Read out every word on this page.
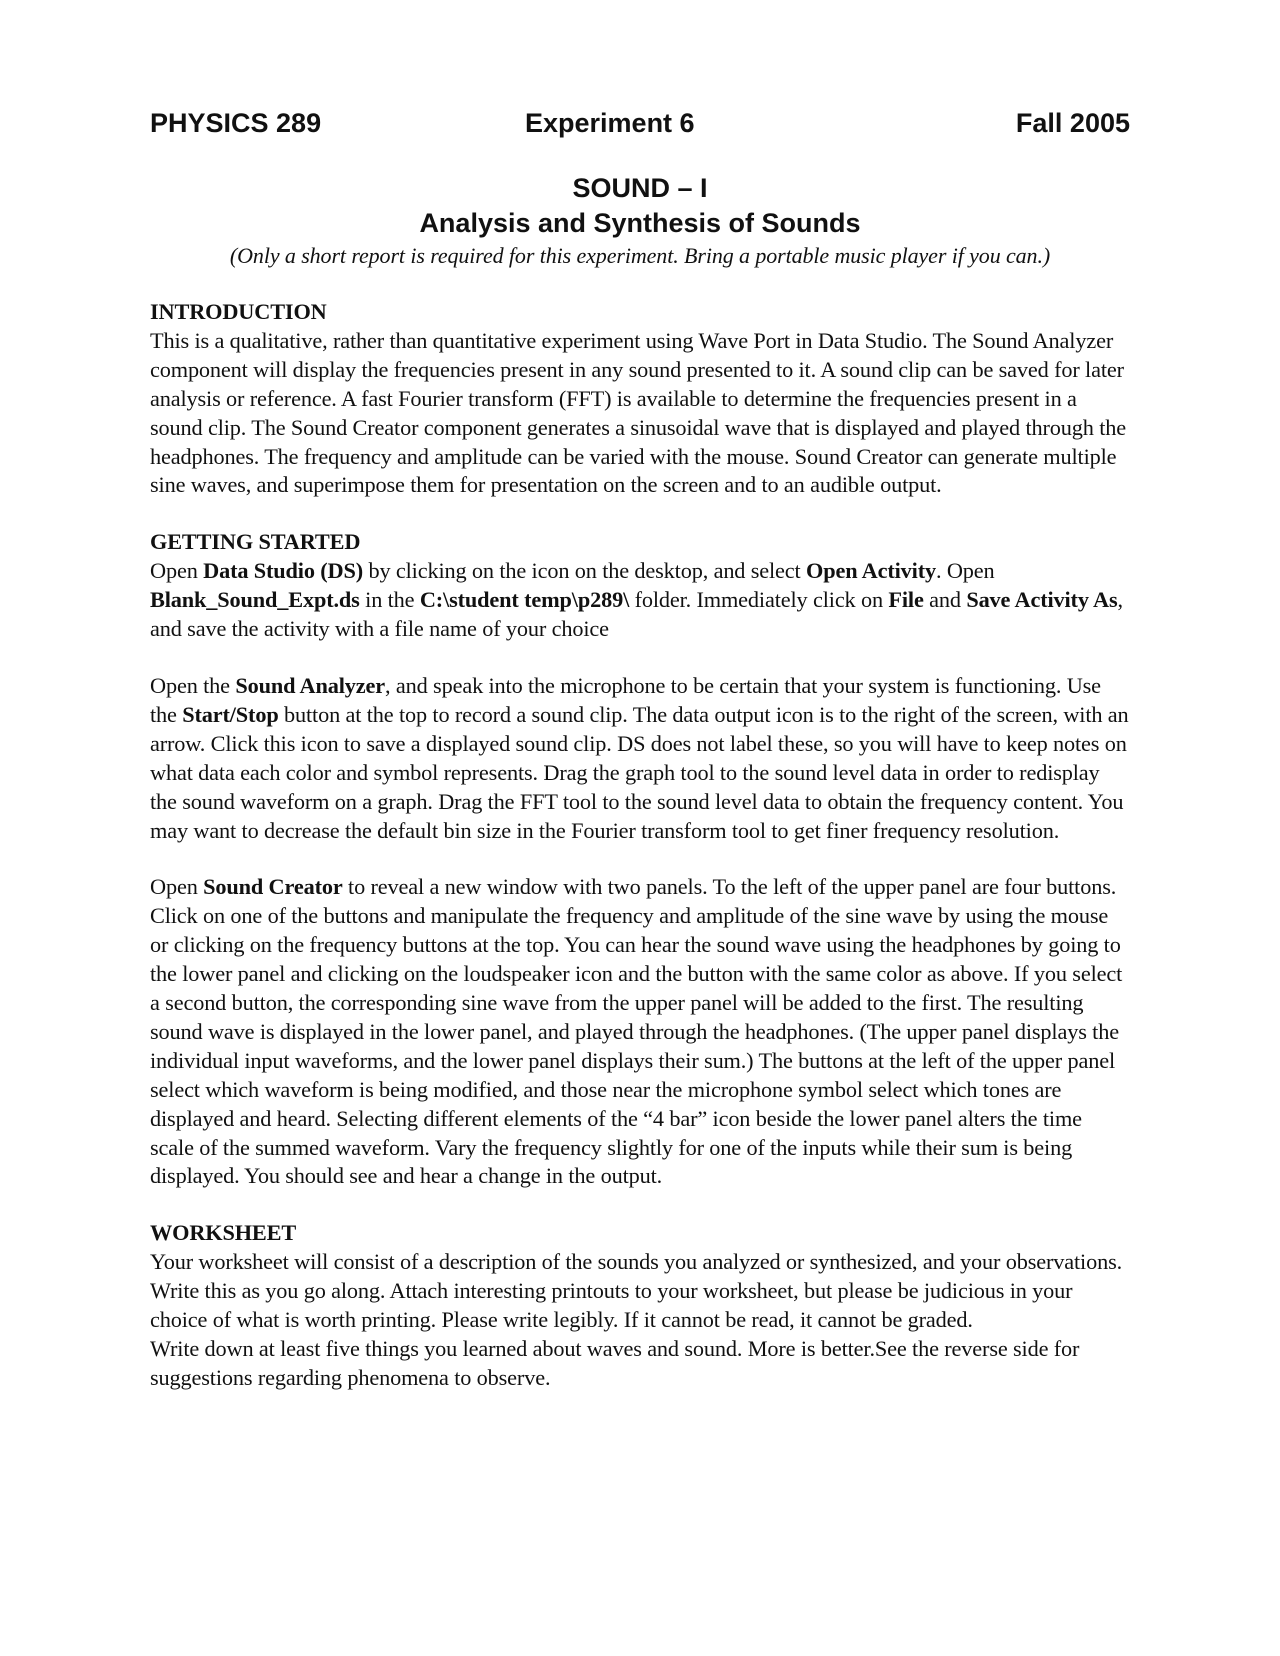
PHYSICS 289	Experiment 6	Fall 2005
SOUND – I
Analysis and Synthesis of Sounds
(Only a short report is required for this experiment. Bring a portable music player if you can.)
INTRODUCTION
This is a qualitative, rather than quantitative experiment using Wave Port in Data Studio. The Sound Analyzer component will display the frequencies present in any sound presented to it. A sound clip can be saved for later analysis or reference. A fast Fourier transform (FFT) is available to determine the frequencies present in a sound clip. The Sound Creator component generates a sinusoidal wave that is displayed and played through the headphones. The frequency and amplitude can be varied with the mouse. Sound Creator can generate multiple sine waves, and superimpose them for presentation on the screen and to an audible output.
GETTING STARTED
Open Data Studio (DS) by clicking on the icon on the desktop, and select Open Activity. Open Blank_Sound_Expt.ds in the C:\student temp\p289\ folder. Immediately click on File and Save Activity As, and save the activity with a file name of your choice
Open the Sound Analyzer, and speak into the microphone to be certain that your system is functioning. Use the Start/Stop button at the top to record a sound clip. The data output icon is to the right of the screen, with an arrow. Click this icon to save a displayed sound clip. DS does not label these, so you will have to keep notes on what data each color and symbol represents. Drag the graph tool to the sound level data in order to redisplay the sound waveform on a graph. Drag the FFT tool to the sound level data to obtain the frequency content. You may want to decrease the default bin size in the Fourier transform tool to get finer frequency resolution.
Open Sound Creator to reveal a new window with two panels. To the left of the upper panel are four buttons. Click on one of the buttons and manipulate the frequency and amplitude of the sine wave by using the mouse or clicking on the frequency buttons at the top. You can hear the sound wave using the headphones by going to the lower panel and clicking on the loudspeaker icon and the button with the same color as above. If you select a second button, the corresponding sine wave from the upper panel will be added to the first. The resulting sound wave is displayed in the lower panel, and played through the headphones. (The upper panel displays the individual input waveforms, and the lower panel displays their sum.) The buttons at the left of the upper panel select which waveform is being modified, and those near the microphone symbol select which tones are displayed and heard. Selecting different elements of the “4 bar” icon beside the lower panel alters the time scale of the summed waveform. Vary the frequency slightly for one of the inputs while their sum is being displayed. You should see and hear a change in the output.
WORKSHEET
Your worksheet will consist of a description of the sounds you analyzed or synthesized, and your observations. Write this as you go along. Attach interesting printouts to your worksheet, but please be judicious in your choice of what is worth printing. Please write legibly. If it cannot be read, it cannot be graded.
Write down at least five things you learned about waves and sound. More is better.See the reverse side for suggestions regarding phenomena to observe.
